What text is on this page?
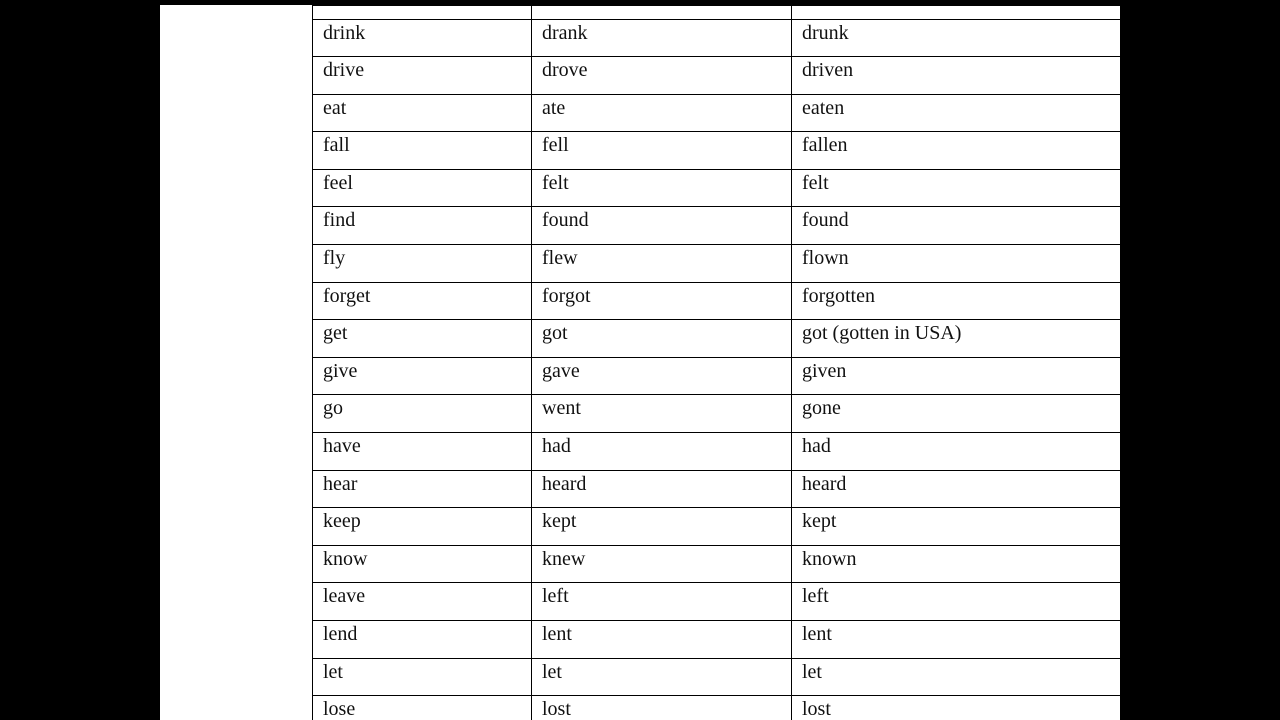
drink	drank	drunk
drive	drove	driven
eat	ate	eaten
fall	fell	fallen
feel	felt	felt
find	found	found
fly	flew	flown
forget	forgot	forgotten
get	got	got (gotten in USA)
give	gave	given
go	went	gone
have	had	had
hear	heard	heard
keep	kept	kept
know	knew	known
leave	left	left
lend	lent	lent
let	let	let
lose	lost	lost
